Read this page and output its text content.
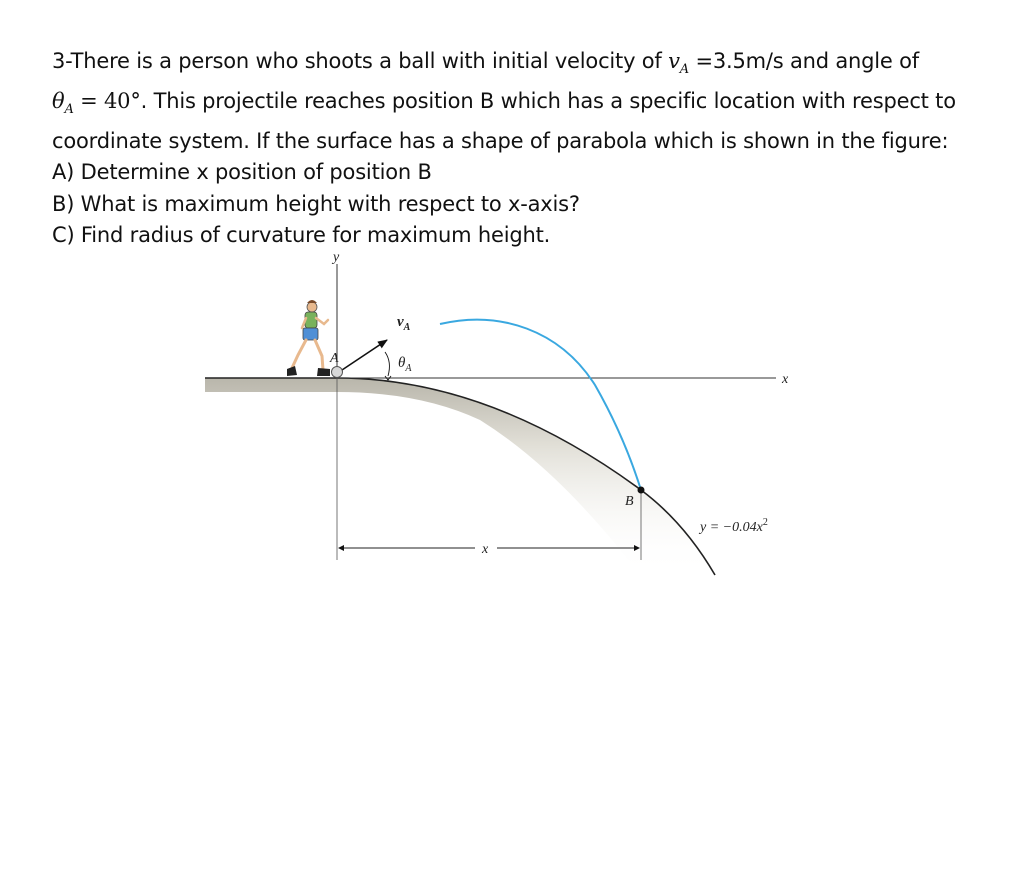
3-There is a person who shoots a ball with initial velocity of $v_A =3.5m/s$ and angle of

$\theta_A = 40^\circ$. This projectile reaches position B which has a specific location with respect to

coordinate system. If the surface has a shape of parabola which is shown in the figure:

A) Determine x position of position B

B) What is maximum height with respect to x-axis?

C) Find radius of curvature for maximum height.

x
y
x
$v_A$
$\theta_A$
A
B
$y = -0.04x^2$
